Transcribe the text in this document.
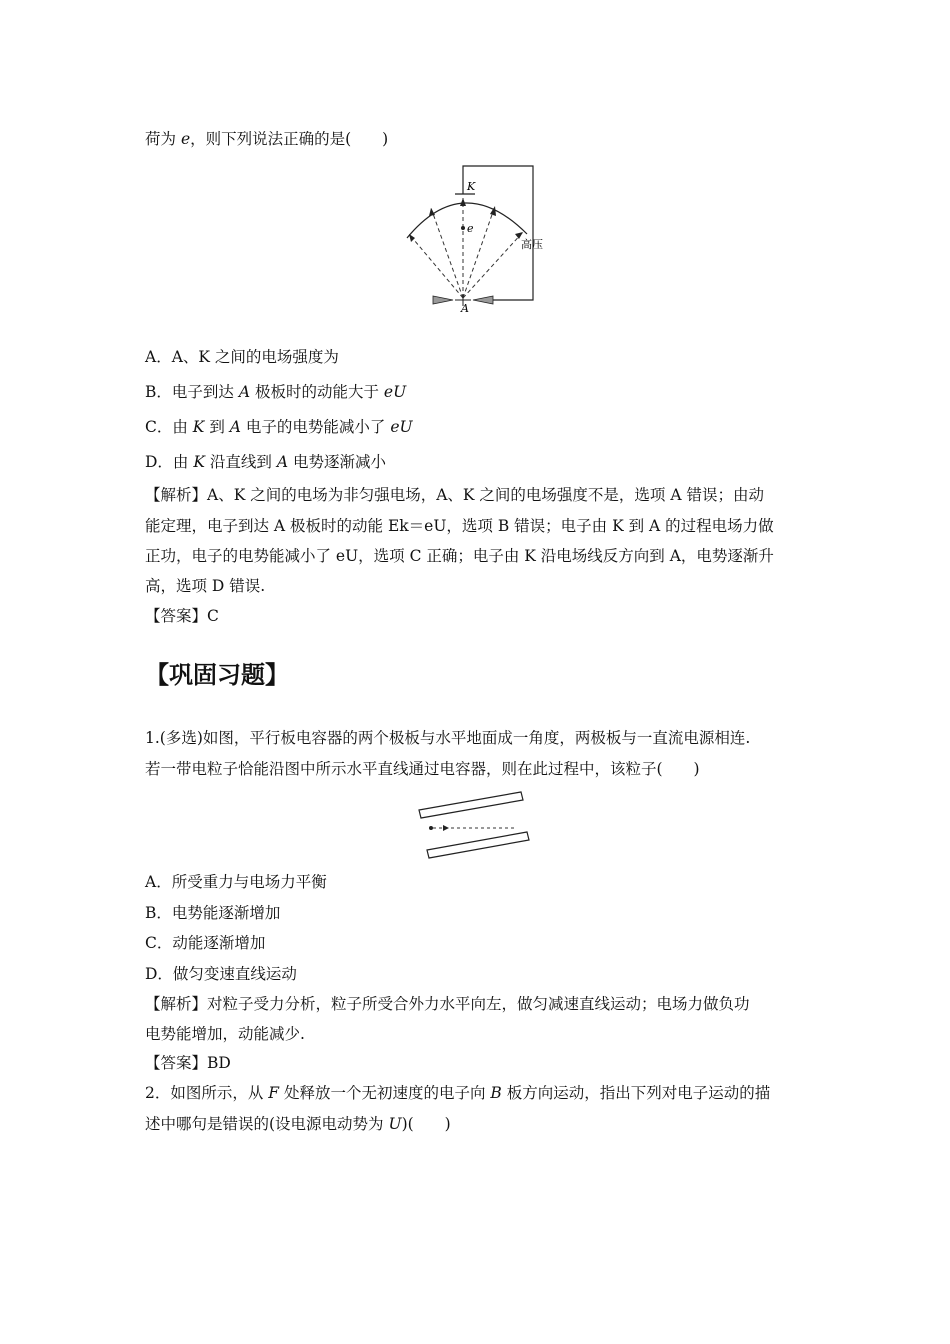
荷为 e，则下列说法正确的是(　　)
K
e
A
高压
A．A、K 之间的电场强度为
B．电子到达 A 极板时的动能大于 eU
C．由 K 到 A 电子的电势能减小了 eU
D．由 K 沿直线到 A 电势逐渐减小
【解析】A、K 之间的电场为非匀强电场，A、K 之间的电场强度不是，选项 A 错误；由动
能定理，电子到达 A 极板时的动能 Ek＝eU，选项 B 错误；电子由 K 到 A 的过程电场力做
正功，电子的电势能减小了 eU，选项 C 正确；电子由 K 沿电场线反方向到 A，电势逐渐升
高，选项 D 错误.
【答案】C
【巩固习题】
1.(多选)如图，平行板电容器的两个极板与水平地面成一角度，两极板与一直流电源相连.
若一带电粒子恰能沿图中所示水平直线通过电容器，则在此过程中，该粒子(　　)
A．所受重力与电场力平衡
B．电势能逐渐增加
C．动能逐渐增加
D．做匀变速直线运动
【解析】对粒子受力分析，粒子所受合外力水平向左，做匀减速直线运动；电场力做负功
电势能增加，动能减少.
【答案】BD
2．如图所示，从 F 处释放一个无初速度的电子向 B 板方向运动，指出下列对电子运动的描
述中哪句是错误的(设电源电动势为 U)(　　)
